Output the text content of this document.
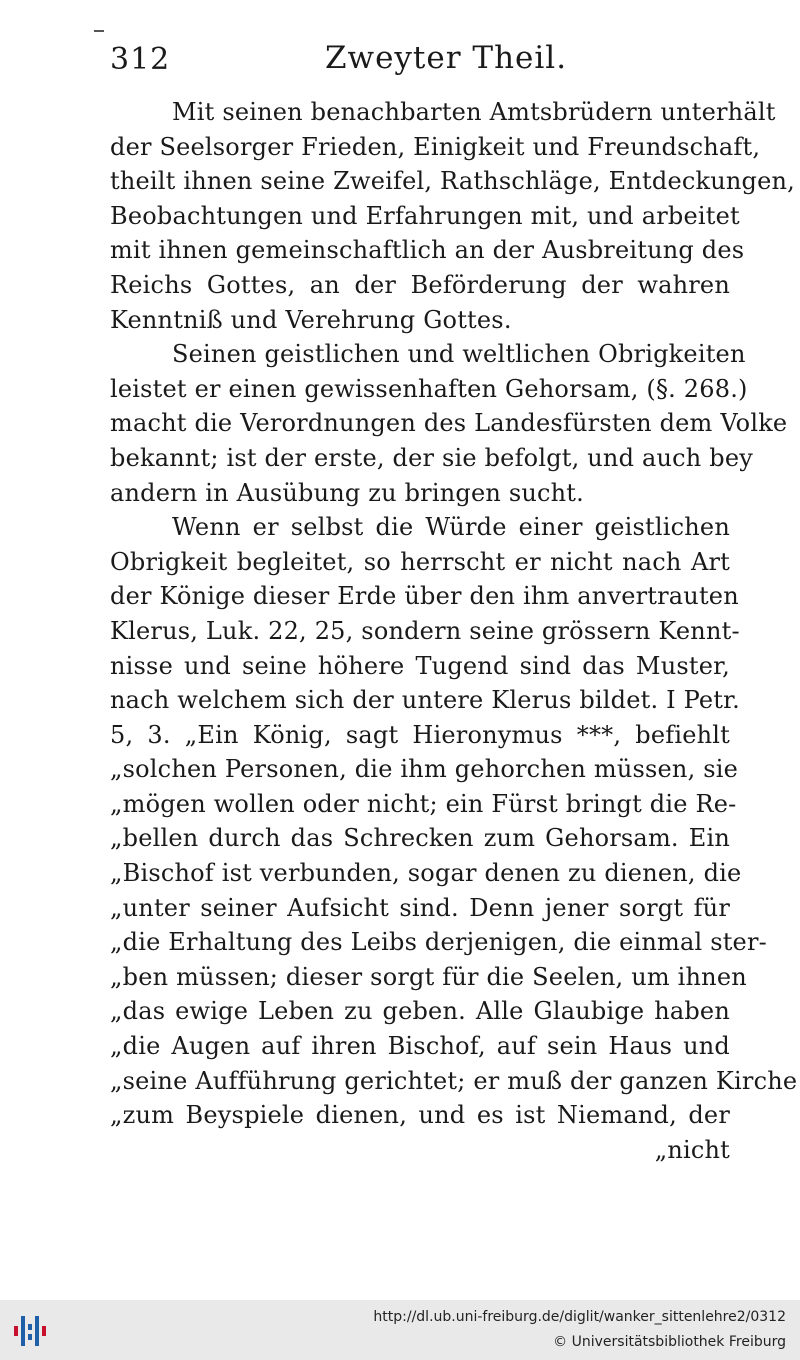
312	Zweyter Theil.
Mit seinen benachbarten Amtsbrüdern unterhält
der Seelsorger Frieden, Einigkeit und Freundschaft,
theilt ihnen seine Zweifel, Rathschläge, Entdeckungen,
Beobachtungen und Erfahrungen mit, und arbeitet
mit ihnen gemeinschaftlich an der Ausbreitung des
Reichs Gottes, an der Beförderung der wahren
Kenntniß und Verehrung Gottes.
Seinen geistlichen und weltlichen Obrigkeiten
leistet er einen gewissenhaften Gehorsam, (§. 268.)
macht die Verordnungen des Landesfürsten dem Volke
bekannt; ist der erste, der sie befolgt, und auch bey
andern in Ausübung zu bringen sucht.
Wenn er selbst die Würde einer geistlichen
Obrigkeit begleitet, so herrscht er nicht nach Art
der Könige dieser Erde über den ihm anvertrauten
Klerus, Luk. 22, 25, sondern seine grössern Kennt-
nisse und seine höhere Tugend sind das Muster,
nach welchem sich der untere Klerus bildet. I Petr.
5, 3. „Ein König, sagt Hieronymus ***, befiehlt
„solchen Personen, die ihm gehorchen müssen, sie
„mögen wollen oder nicht; ein Fürst bringt die Re-
„bellen durch das Schrecken zum Gehorsam. Ein
„Bischof ist verbunden, sogar denen zu dienen, die
„unter seiner Aufsicht sind. Denn jener sorgt für
„die Erhaltung des Leibs derjenigen, die einmal ster-
„ben müssen; dieser sorgt für die Seelen, um ihnen
„das ewige Leben zu geben. Alle Glaubige haben
„die Augen auf ihren Bischof, auf sein Haus und
„seine Aufführung gerichtet; er muß der ganzen Kirche
„zum Beyspiele dienen, und es ist Niemand, der
„nicht
http://dl.ub.uni-freiburg.de/diglit/wanker_sittenlehre2/0312
© Universitätsbibliothek Freiburg
